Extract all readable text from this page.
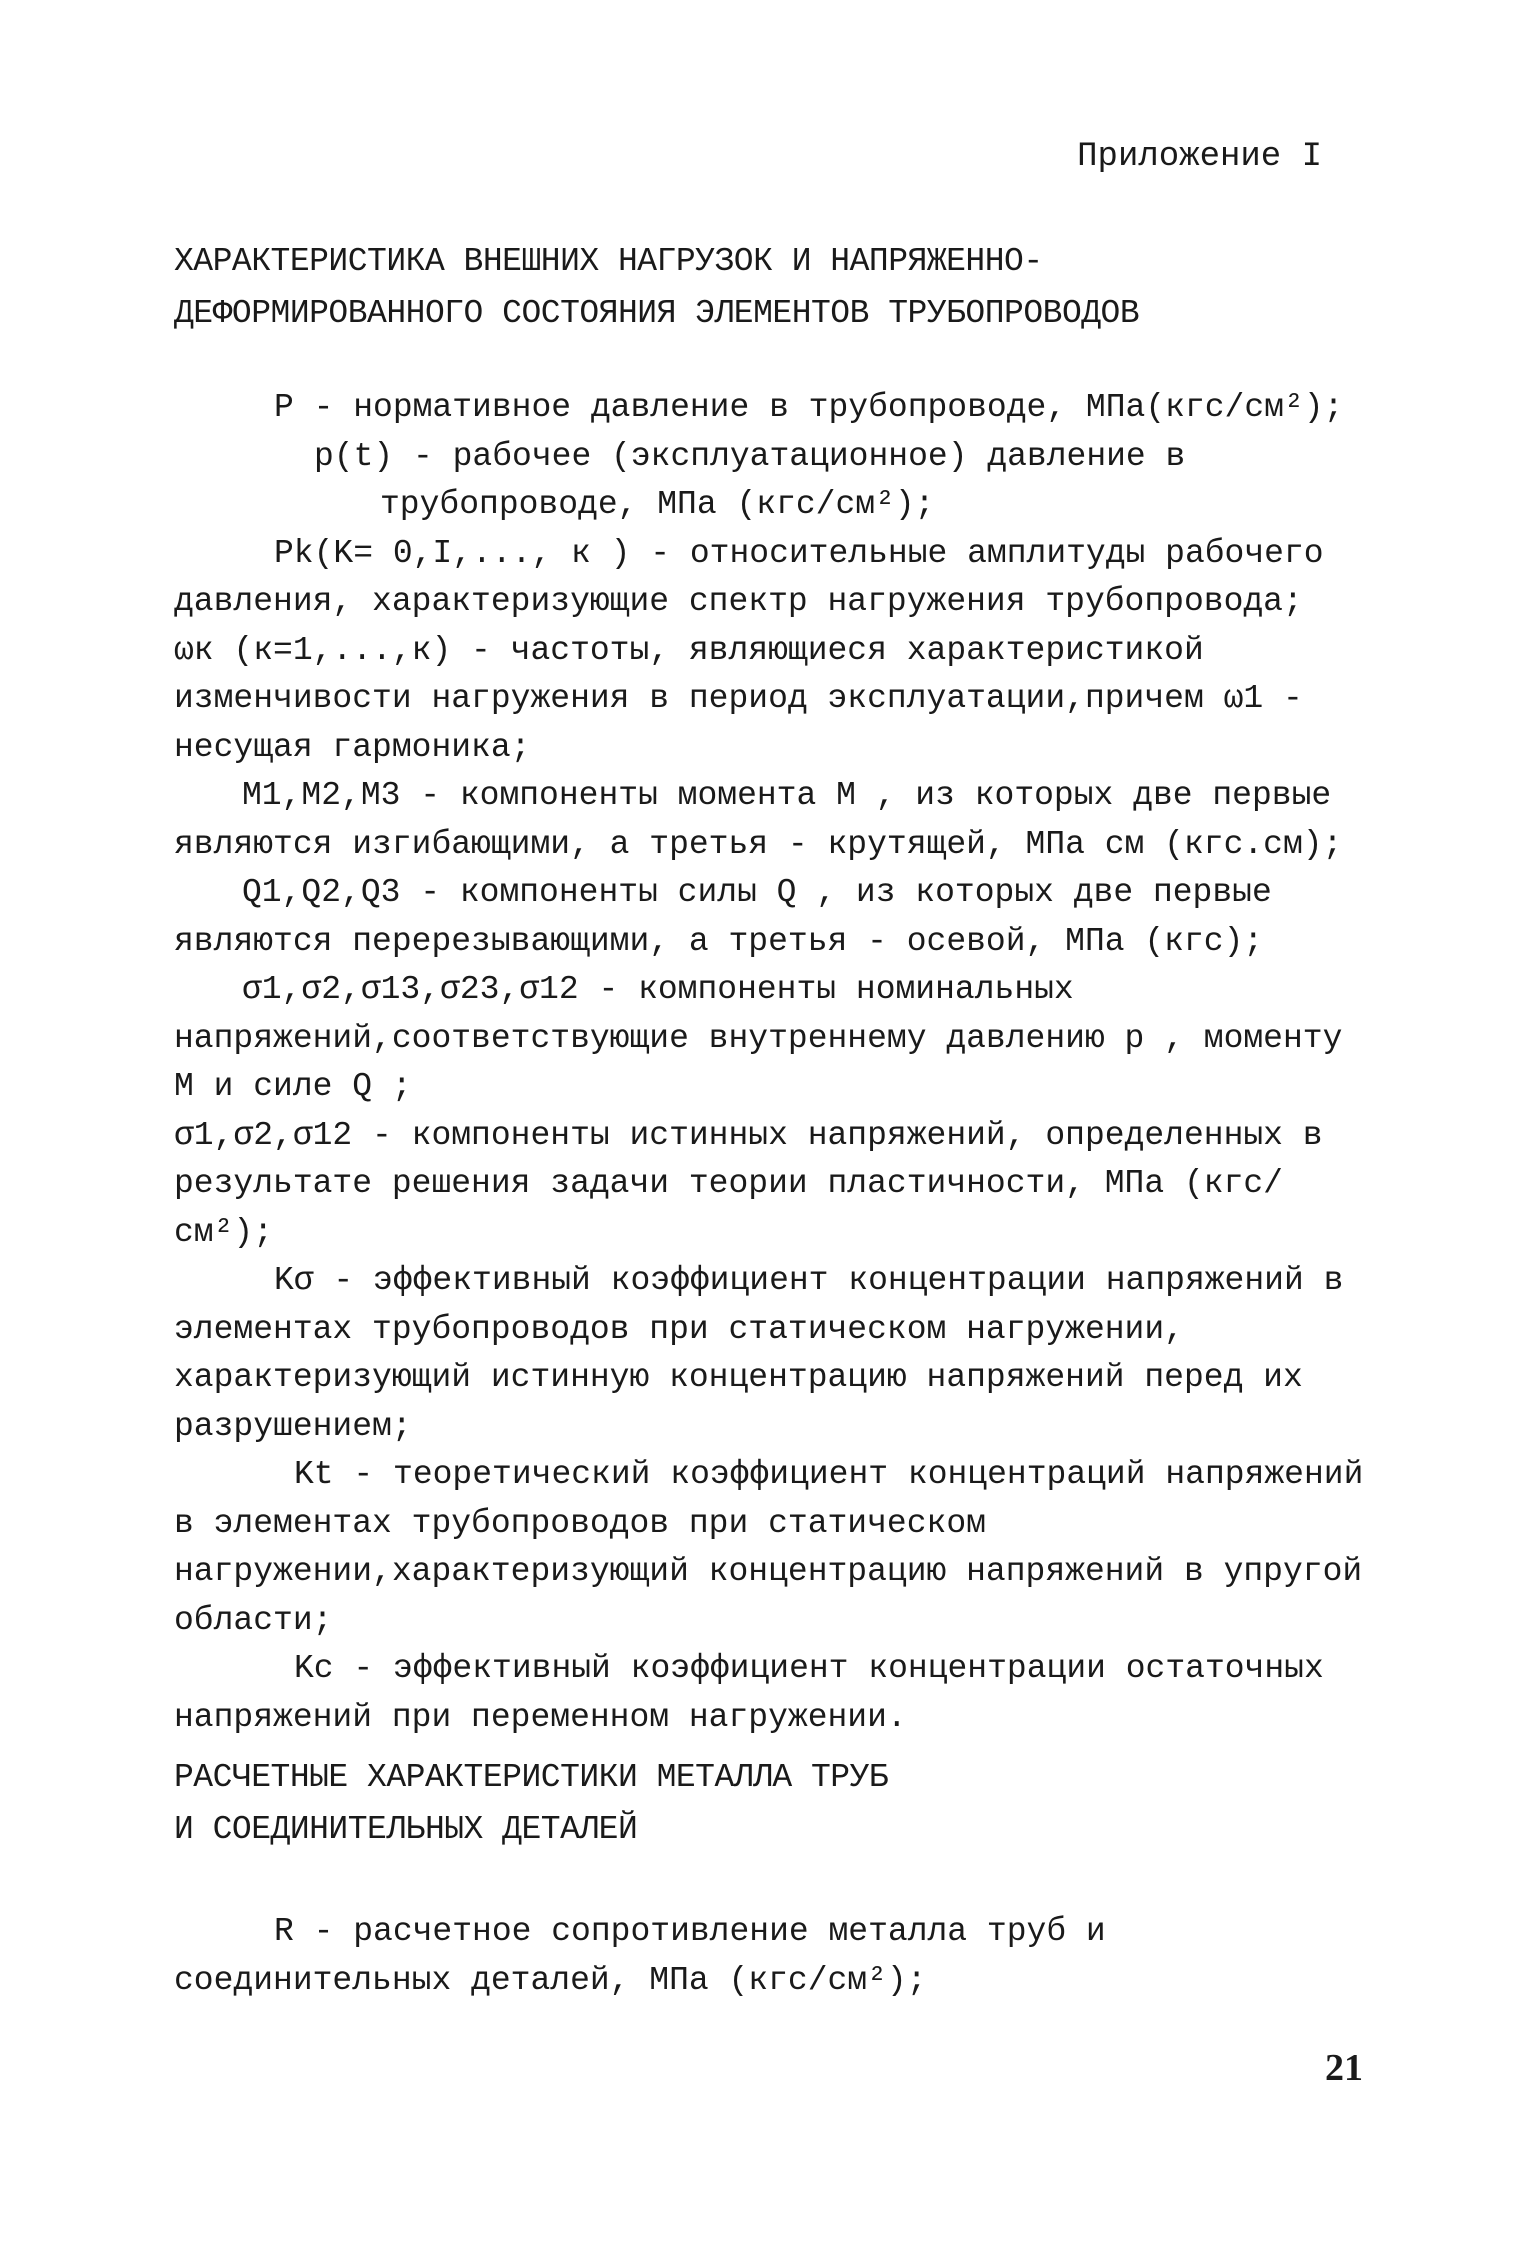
Приложение I
ХАРАКТЕРИСТИКА ВНЕШНИХ НАГРУЗОК И НАПРЯЖЕННО-
ДЕФОРМИРОВАННОГО СОСТОЯНИЯ ЭЛЕМЕНТОВ ТРУБОПРОВОДОВ

P - нормативное давление в трубопроводе, МПа(кгс/см²);

p(t) - рабочее (эксплуатационное) давление в трубопроводе, МПа (кгс/см²);

Pk(K= 0,I,..., к ) - относительные амплитуды рабочего давления, характеризующие спектр нагружения трубопровода;

ωк (к=1,...,к) - частоты, являющиеся характеристикой изменчивости нагружения в период эксплуатации,причем ω1 - несущая гармоника;

M1,M2,M3 - компоненты момента M , из которых две первые являются изгибающими, а третья - крутящей, МПа см (кгс.см);

Q1,Q2,Q3 - компоненты силы Q , из которых две первые являются перерезывающими, а третья - осевой, МПа (кгс);

σ1,σ2,σ13,σ23,σ12 - компоненты номинальных напряжений,соответствующие внутреннему давлению p , моменту M и силе Q ;

σ1,σ2,σ12 - компоненты истинных напряжений, определенных в результате решения задачи теории пластичности, МПа (кгс/см²);

Kσ - эффективный коэффициент концентрации напряжений в элементах трубопроводов при статическом нагружении, характеризующий истинную концентрацию напряжений перед их разрушением;

Kt - теоретический коэффициент концентраций напряжений в элементах трубопроводов при статическом нагружении,характеризующий концентрацию напряжений в упругой области;

Kc - эффективный коэффициент концентрации остаточных напряжений при переменном нагружении.

РАСЧЕТНЫЕ ХАРАКТЕРИСТИКИ МЕТАЛЛА ТРУБ
И СОЕДИНИТЕЛЬНЫХ ДЕТАЛЕЙ

R - расчетное сопротивление металла труб и соединительных деталей, МПа (кгс/см²);

21
